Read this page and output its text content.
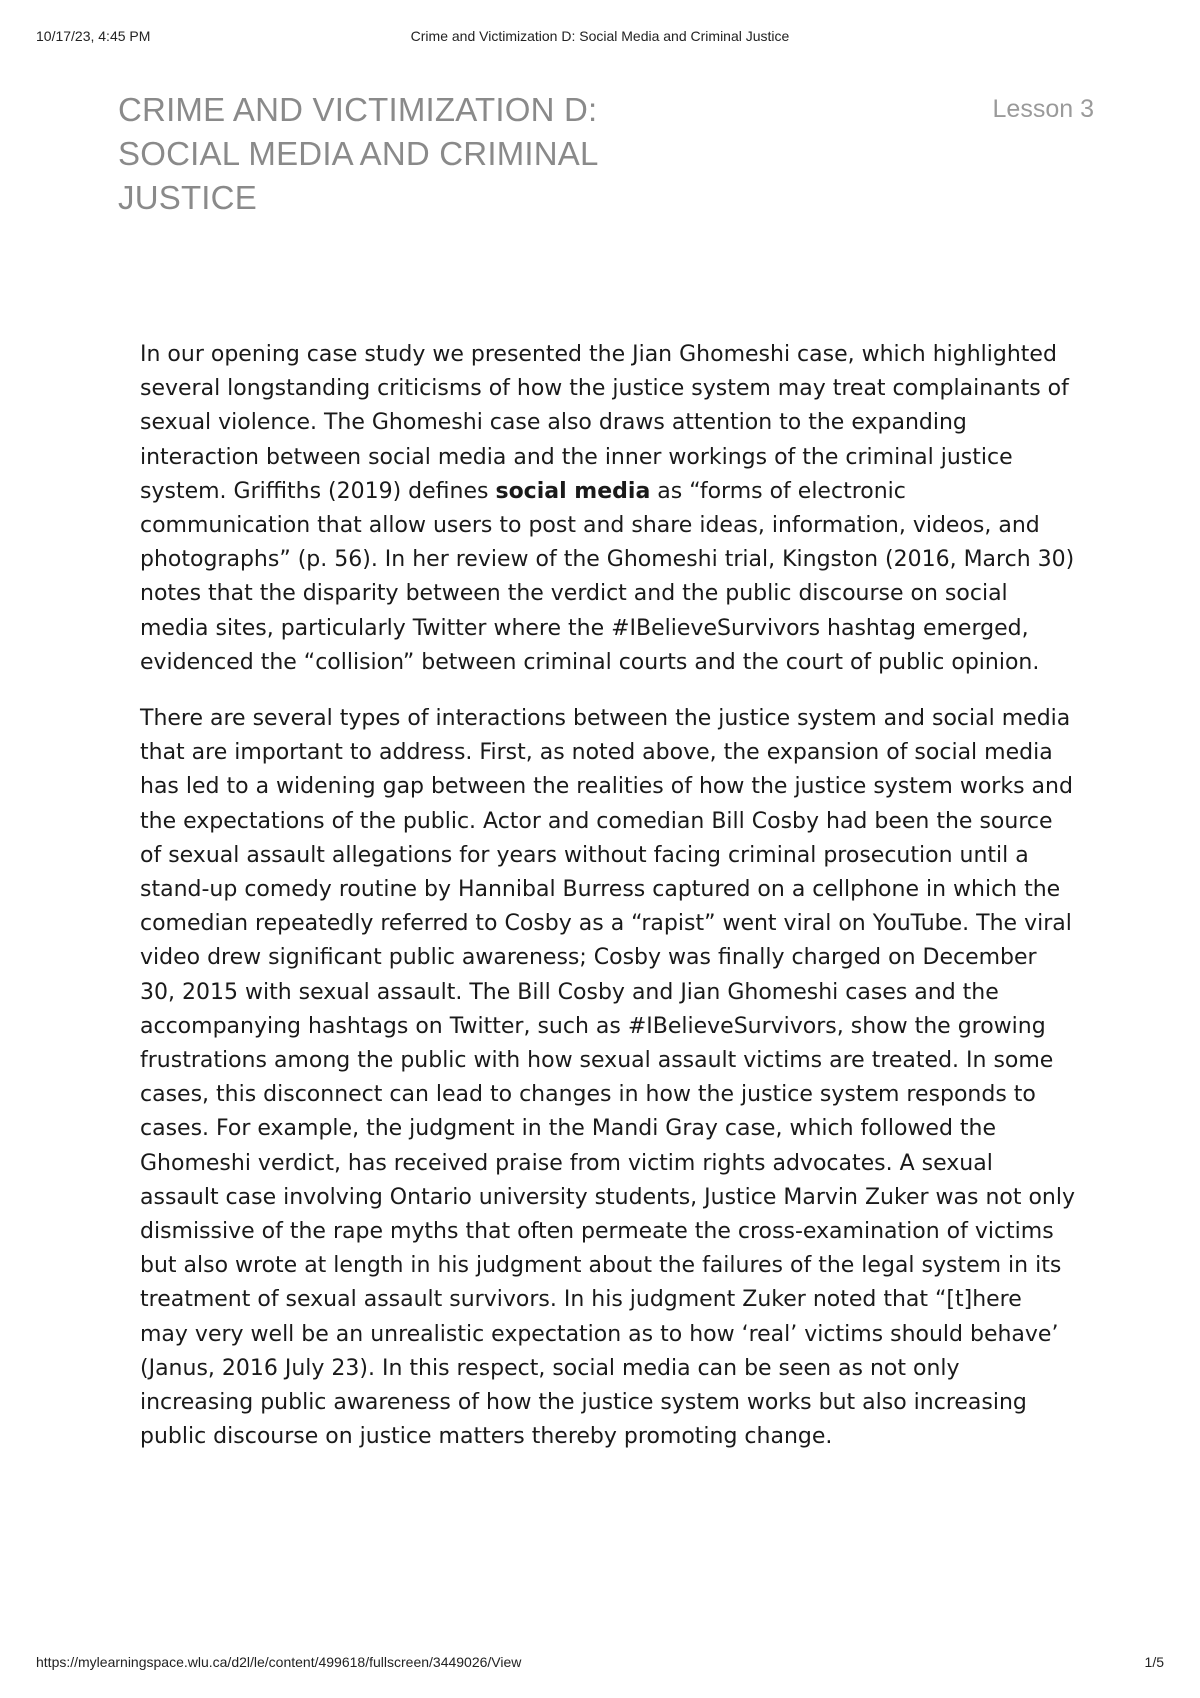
10/17/23, 4:45 PM	Crime and Victimization D: Social Media and Criminal Justice
CRIME AND VICTIMIZATION D: SOCIAL MEDIA AND CRIMINAL JUSTICE
Lesson 3

In our opening case study we presented the Jian Ghomeshi case, which highlighted several longstanding criticisms of how the justice system may treat complainants of sexual violence. The Ghomeshi case also draws attention to the expanding interaction between social media and the inner workings of the criminal justice system. Griffiths (2019) defines social media as “forms of electronic communication that allow users to post and share ideas, information, videos, and photographs” (p. 56). In her review of the Ghomeshi trial, Kingston (2016, March 30) notes that the disparity between the verdict and the public discourse on social media sites, particularly Twitter where the #IBelieveSurvivors hashtag emerged, evidenced the “collision” between criminal courts and the court of public opinion.

There are several types of interactions between the justice system and social media that are important to address. First, as noted above, the expansion of social media has led to a widening gap between the realities of how the justice system works and the expectations of the public. Actor and comedian Bill Cosby had been the source of sexual assault allegations for years without facing criminal prosecution until a stand-up comedy routine by Hannibal Burress captured on a cellphone in which the comedian repeatedly referred to Cosby as a “rapist” went viral on YouTube. The viral video drew significant public awareness; Cosby was finally charged on December 30, 2015 with sexual assault. The Bill Cosby and Jian Ghomeshi cases and the accompanying hashtags on Twitter, such as #IBelieveSurvivors, show the growing frustrations among the public with how sexual assault victims are treated. In some cases, this disconnect can lead to changes in how the justice system responds to cases. For example, the judgment in the Mandi Gray case, which followed the Ghomeshi verdict, has received praise from victim rights advocates. A sexual assault case involving Ontario university students, Justice Marvin Zuker was not only dismissive of the rape myths that often permeate the cross-examination of victims but also wrote at length in his judgment about the failures of the legal system in its treatment of sexual assault survivors. In his judgment Zuker noted that “[t]here may very well be an unrealistic expectation as to how ‘real’ victims should behave’ (Janus, 2016 July 23). In this respect, social media can be seen as not only increasing public awareness of how the justice system works but also increasing public discourse on justice matters thereby promoting change.

https://mylearningspace.wlu.ca/d2l/le/content/499618/fullscreen/3449026/View	1/5
